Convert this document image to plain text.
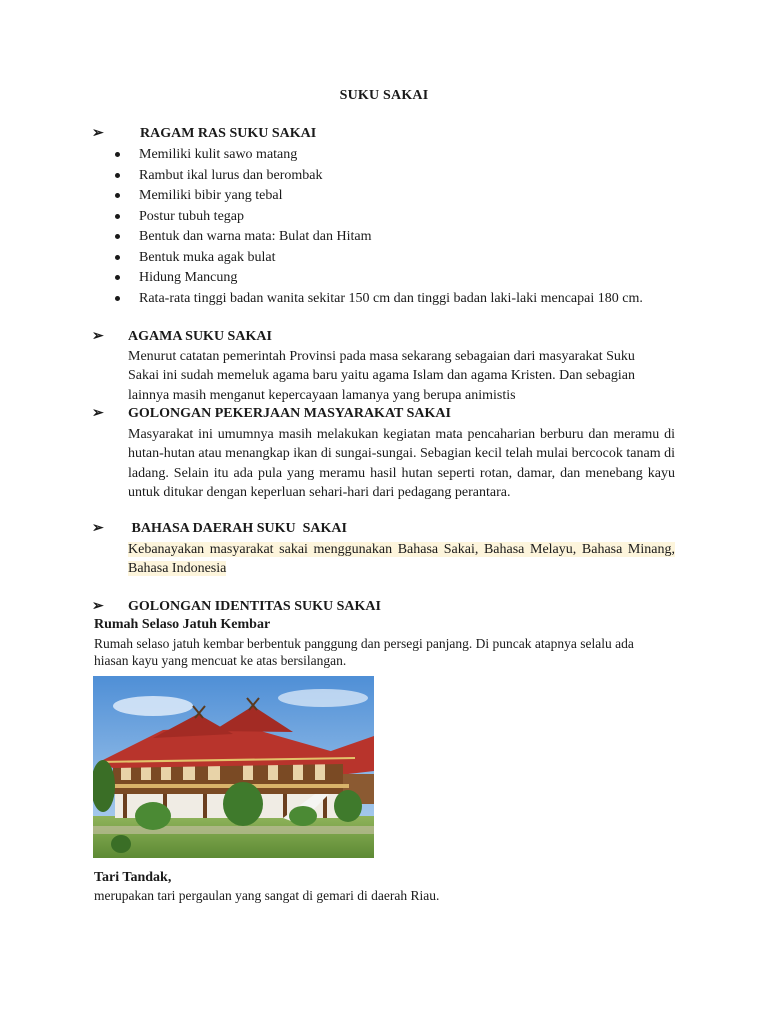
SUKU SAKAI
➢	RAGAM RAS SUKU SAKAI
Memiliki kulit sawo matang
Rambut ikal lurus dan berombak
Memiliki bibir yang tebal
Postur tubuh tegap
Bentuk dan warna mata: Bulat dan Hitam
Bentuk muka agak bulat
Hidung Mancung
Rata-rata tinggi badan wanita sekitar 150 cm dan tinggi badan laki-laki mencapai 180 cm.
➢	AGAMA SUKU SAKAI

Menurut catatan pemerintah Provinsi pada masa sekarang sebagaian dari masyarakat Suku Sakai ini sudah memeluk agama baru yaitu agama Islam dan agama Kristen. Dan sebagian lainnya masih menganut kepercayaan lamanya yang berupa animistis

➢	GOLONGAN PEKERJAAN MASYARAKAT SAKAI

Masyarakat ini umumnya masih melakukan kegiatan mata pencaharian berburu dan meramu di hutan-hutan atau menangkap ikan di sungai-sungai. Sebagian kecil telah mulai bercocok tanam di ladang. Selain itu ada pula yang meramu hasil hutan seperti rotan, damar, dan menebang kayu untuk ditukar dengan keperluan sehari-hari dari pedagang perantara.

➢	BAHASA DAERAH SUKU  SAKAI

Kebanayakan masyarakat sakai menggunakan Bahasa Sakai, Bahasa Melayu, Bahasa Minang, Bahasa Indonesia

➢	GOLONGAN IDENTITAS SUKU SAKAI
Rumah Selaso Jatuh Kembar

Rumah selaso jatuh kembar berbentuk panggung dan persegi panjang. Di puncak atapnya selalu ada hiasan kayu yang mencuat ke atas bersilangan.

Tari Tandak,

merupakan tari pergaulan yang sangat di gemari di daerah Riau.
